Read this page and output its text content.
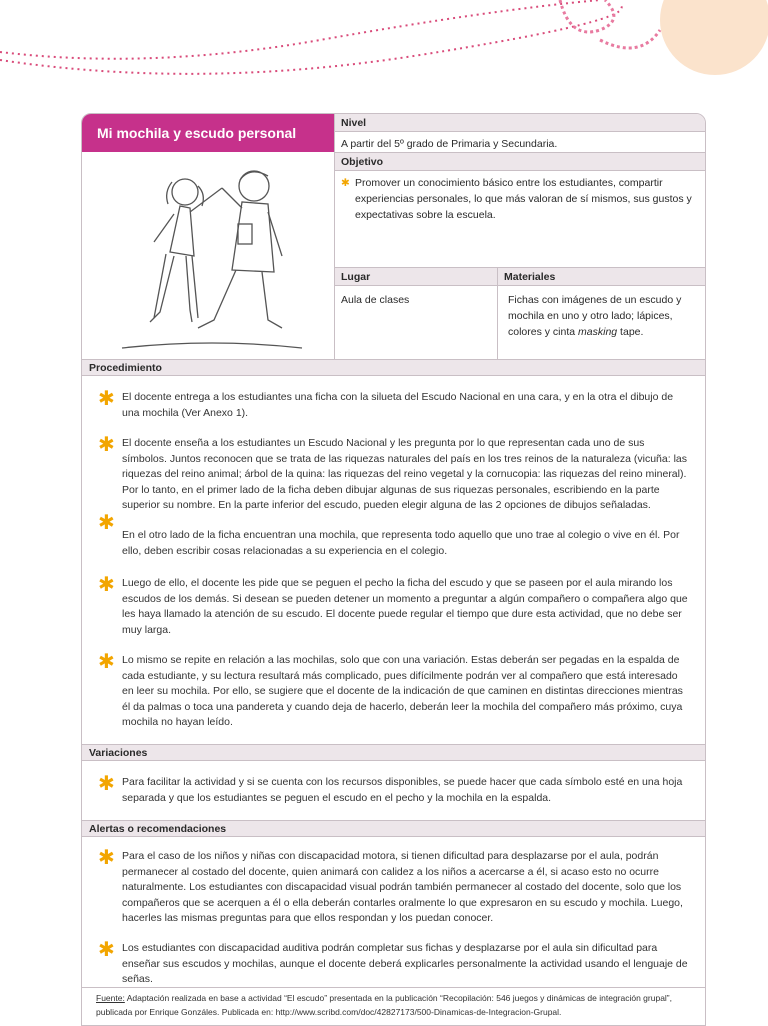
Mi mochila y escudo personal
Nivel
A partir del 5º grado de Primaria y Secundaria.
Objetivo
✱ Promover un conocimiento básico entre los estudiantes, compartir experiencias personales, lo que más valoran de sí mismos, sus gustos y expectativas sobre la escuela.
Lugar
Aula de clases
Materiales
Fichas con imágenes de un escudo y mochila en uno y otro lado; lápices, colores y cinta masking tape.
Procedimiento
✱ El docente entrega a los estudiantes una ficha con la silueta del Escudo Nacional en una cara, y en la otra el dibujo de una mochila (Ver Anexo 1).
✱ El docente enseña a los estudiantes un Escudo Nacional y les pregunta por lo que representan cada uno de sus símbolos. Juntos reconocen que se trata de las riquezas naturales del país en los tres reinos de la naturaleza (vicuña: las riquezas del reino animal; árbol de la quina: las riquezas del reino vegetal y la cornucopia: las riquezas del reino mineral). Por lo tanto, en el primer lado de la ficha deben dibujar algunas de sus riquezas personales, escribiendo en la parte superior su nombre. En la parte inferior del escudo, pueden elegir alguna de las 2 opciones de dibujos señaladas.
✱
En el otro lado de la ficha encuentran una mochila, que representa todo aquello que uno trae al colegio o vive en él. Por ello, deben escribir cosas relacionadas a su experiencia en el colegio.
✱ Luego de ello, el docente les pide que se peguen el pecho la ficha del escudo y que se paseen por el aula mirando los escudos de los demás. Si desean se pueden detener un momento a preguntar a algún compañero o compañera algo que les haya llamado la atención de su escudo. El docente puede regular el tiempo que dure esta actividad, que no debe ser muy larga.
✱ Lo mismo se repite en relación a las mochilas, solo que con una variación. Estas deberán ser pegadas en la espalda de cada estudiante, y su lectura resultará más complicado, pues difícilmente podrán ver al compañero que está interesado en leer su mochila. Por ello, se sugiere que el docente de la indicación de que caminen en distintas direcciones mientras él da palmas o toca una pandereta y cuando deja de hacerlo, deberán leer la mochila del compañero más próximo, cuya mochila no hayan leído.
Variaciones
✱ Para facilitar la actividad y si se cuenta con los recursos disponibles, se puede hacer que cada símbolo esté en una hoja separada y que los estudiantes se peguen el escudo en el pecho y la mochila en la espalda.
Alertas o recomendaciones
✱ Para el caso de los niños y niñas con discapacidad motora, si tienen dificultad para desplazarse por el aula, podrán permanecer al costado del docente, quien animará con calidez a los niños a acercarse a él, si acaso esto no ocurre naturalmente. Los estudiantes con discapacidad visual podrán también permanecer al costado del docente, solo que los compañeros que se acerquen a él o ella deberán contarles oralmente lo que expresaron en su escudo y mochila. Luego, hacerles las mismas preguntas para que ellos respondan y los puedan conocer.
✱ Los estudiantes con discapacidad auditiva podrán completar sus fichas y desplazarse por el aula sin dificultad para enseñar sus escudos y mochilas, aunque el docente deberá explicarles personalmente la actividad usando el lenguaje de señas.
Fuente: Adaptación realizada en base a actividad “El escudo” presentada en la publicación “Recopilación: 546 juegos y dinámicas de integración grupal”, publicada por Enrique Gonzáles. Publicada en: http://www.scribd.com/doc/42827173/500-Dinamicas-de-Integracion-Grupal.
